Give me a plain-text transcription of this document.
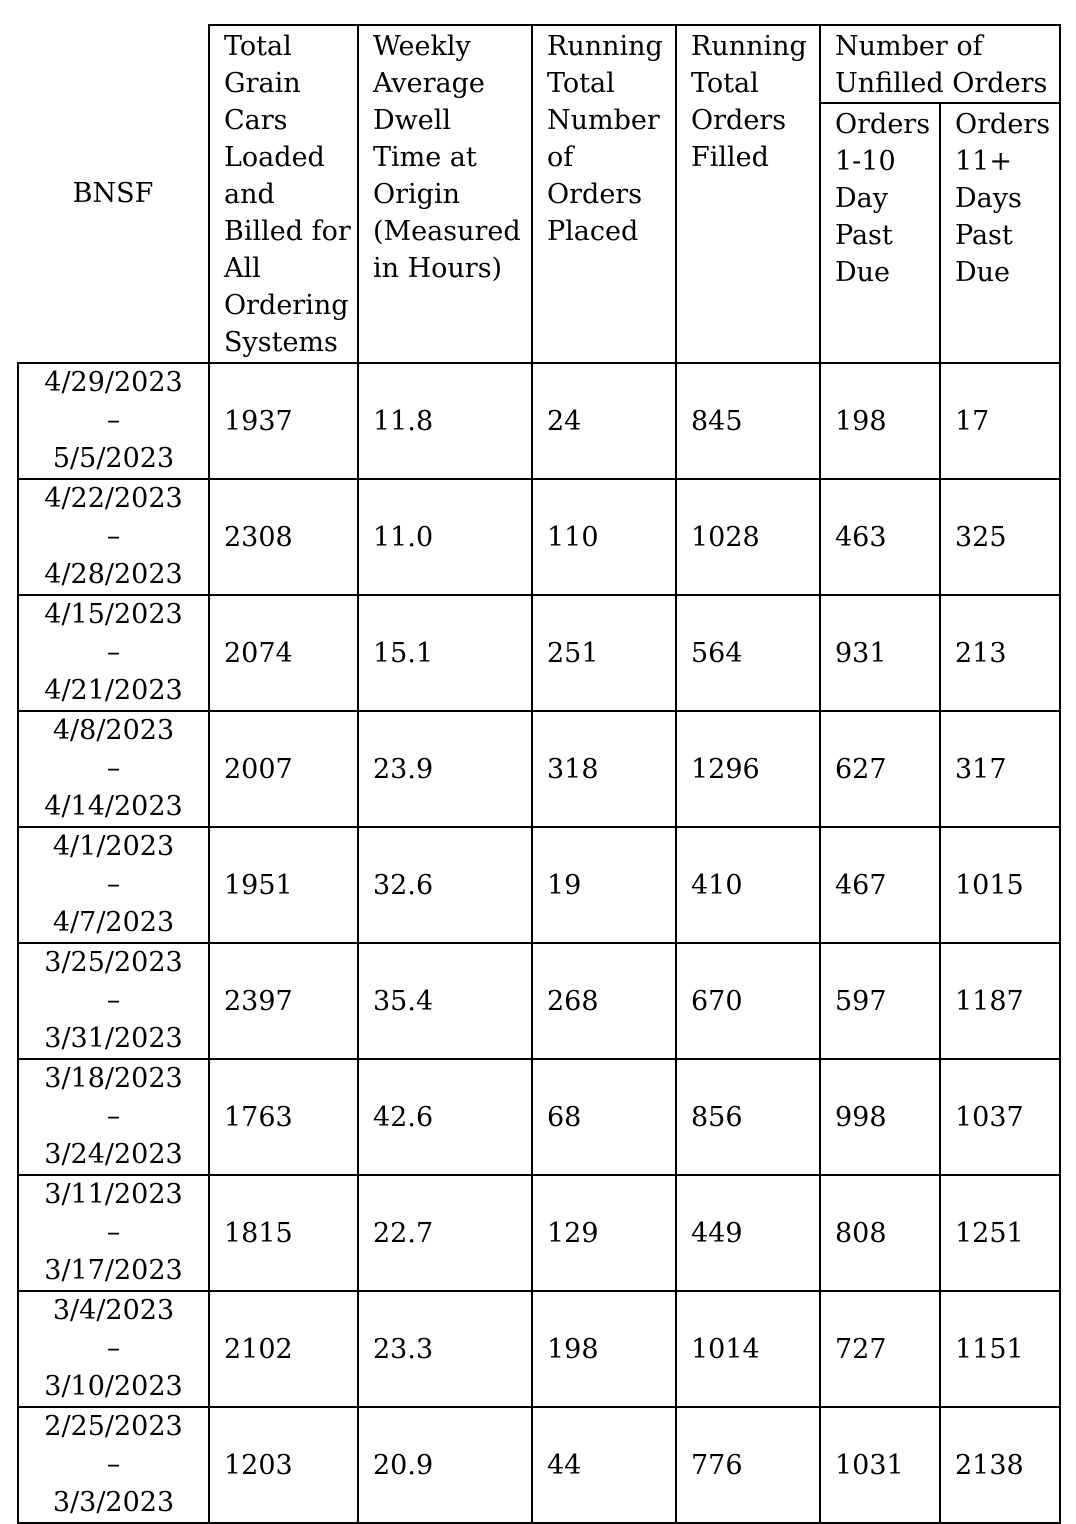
BNSF	Total Grain Cars Loaded and Billed for All Ordering Systems	Weekly Average Dwell Time at Origin (Measured in Hours)	Running Total Number of Orders Placed	Running Total Orders Filled	Number of Unfilled Orders	
					Orders 1-10 Day Past Due	Orders 11+ Days Past Due

4/29/2023
–
5/5/2023	1937	11.8	24	845	198	17

4/22/2023
–
4/28/2023	2308	11.0	110	1028	463	325

4/15/2023
–
4/21/2023	2074	15.1	251	564	931	213

4/8/2023
–
4/14/2023	2007	23.9	318	1296	627	317

4/1/2023
–
4/7/2023	1951	32.6	19	410	467	1015

3/25/2023
–
3/31/2023	2397	35.4	268	670	597	1187

3/18/2023
–
3/24/2023	1763	42.6	68	856	998	1037

3/11/2023
–
3/17/2023	1815	22.7	129	449	808	1251

3/4/2023
–
3/10/2023	2102	23.3	198	1014	727	1151

2/25/2023
–
3/3/2023	1203	20.9	44	776	1031	2138
